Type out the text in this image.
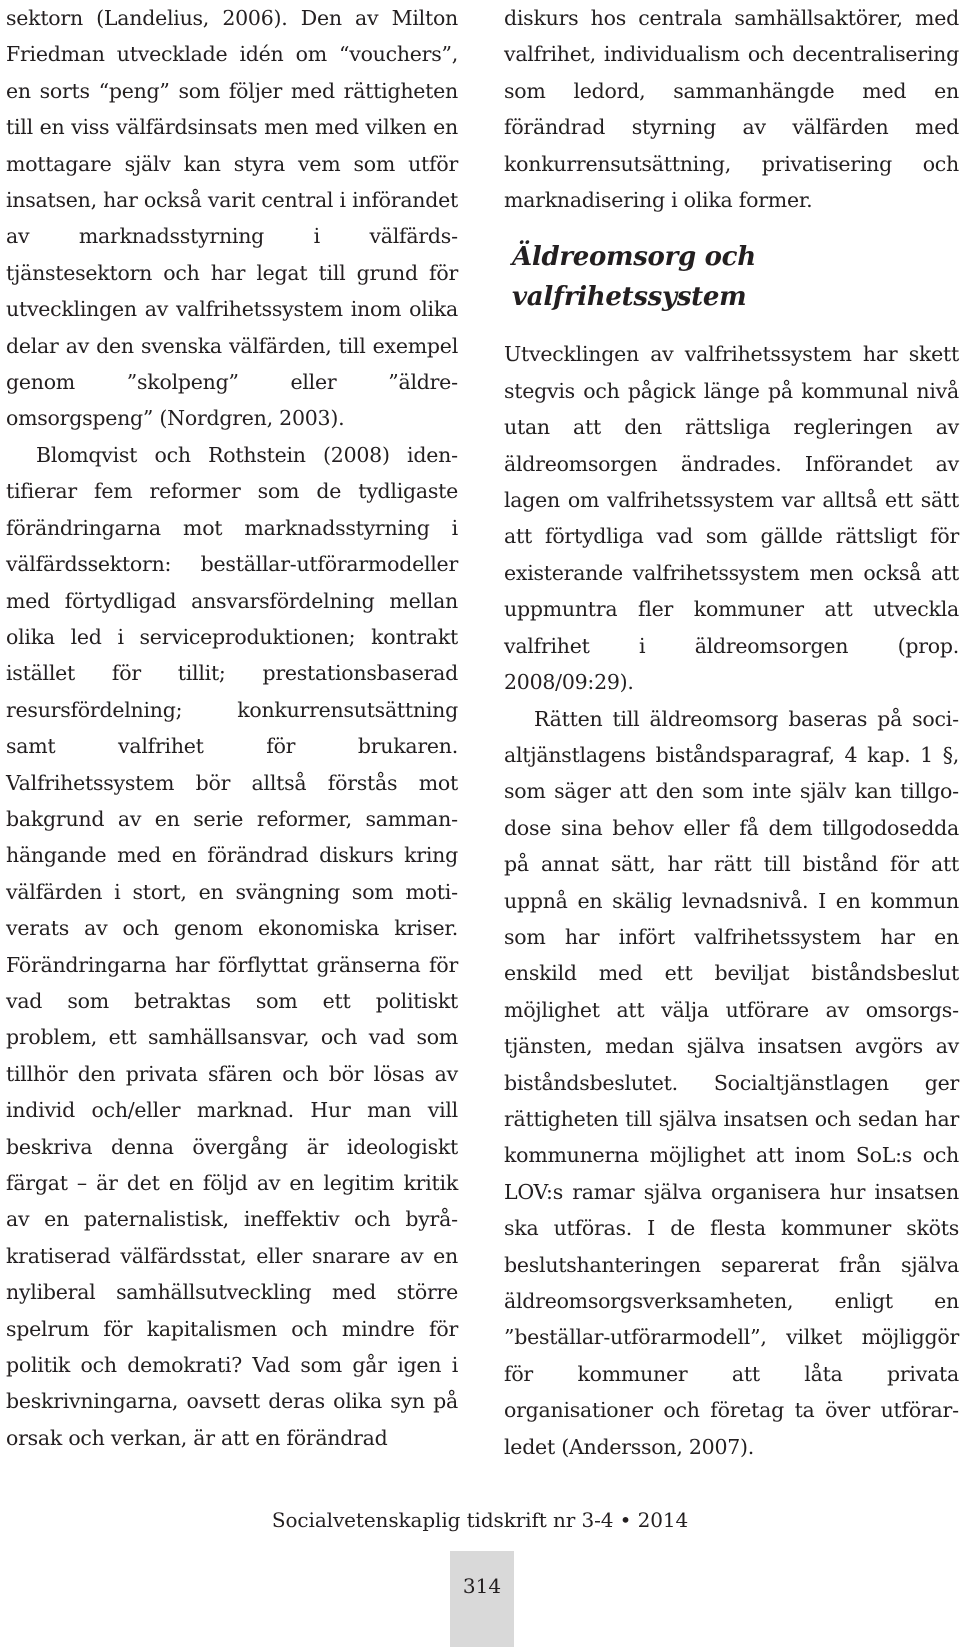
sektorn (Landelius, 2006). Den av Milton Friedman utvecklade idén om “vouchers”, en sorts “peng” som följer med rättigheten till en viss välfärdsinsats men med vilken en mottagare själv kan styra vem som utför insatsen, har också varit central i införandet av marknadsstyrning i välfärdstjänstesektorn och har legat till grund för utvecklingen av valfrihetssystem inom olika delar av den svenska välfärden, till exempel genom ”skolpeng” eller ”äldreomsorgspeng” (Nordgren, 2003).

Blomqvist och Rothstein (2008) identifierar fem reformer som de tydligaste förändringarna mot marknadsstyrning i välfärdssektorn: beställar-utförarmodeller med förtydligad ansvarsfördelning mellan olika led i serviceproduktionen; kontrakt istället för tillit; prestationsbaserad resursfördelning; konkurrensutsättning samt valfrihet för brukaren. Valfrihetssystem bör alltså förstås mot bakgrund av en serie reformer, sammanhängande med en förändrad diskurs kring välfärden i stort, en svängning som motiverats av och genom ekonomiska kriser. Förändringarna har förflyttat gränserna för vad som betraktas som ett politiskt problem, ett samhällsansvar, och vad som tillhör den privata sfären och bör lösas av individ och/eller marknad. Hur man vill beskriva denna övergång är ideologiskt färgat – är det en följd av en legitim kritik av en paternalistisk, ineffektiv och byråkratiserad välfärdsstat, eller snarare av en nyliberal samhällsutveckling med större spelrum för kapitalismen och mindre för politik och demokrati? Vad som går igen i beskrivningarna, oavsett deras olika syn på orsak och verkan, är att en förändrad

diskurs hos centrala samhällsaktörer, med valfrihet, individualism och decentralisering som ledord, sammanhängde med en förändrad styrning av välfärden med konkurrensutsättning, privatisering och marknadisering i olika former.

Äldreomsorg och valfrihetssystem

Utvecklingen av valfrihetssystem har skett stegvis och pågick länge på kommunal nivå utan att den rättsliga regleringen av äldreomsorgen ändrades. Införandet av lagen om valfrihetssystem var alltså ett sätt att förtydliga vad som gällde rättsligt för existerande valfrihetssystem men också att uppmuntra fler kommuner att utveckla valfrihet i äldreomsorgen (prop. 2008/09:29).

Rätten till äldreomsorg baseras på socialtjänstlagens biståndsparagraf, 4 kap. 1 §, som säger att den som inte själv kan tillgodose sina behov eller få dem tillgodosedda på annat sätt, har rätt till bistånd för att uppnå en skälig levnadsnivå. I en kommun som har infört valfrihetssystem har en enskild med ett beviljat biståndsbeslut möjlighet att välja utförare av omsorgstjänsten, medan själva insatsen avgörs av biståndsbeslutet. Socialtjänstlagen ger rättigheten till själva insatsen och sedan har kommunerna möjlighet att inom SoL:s och LOV:s ramar själva organisera hur insatsen ska utföras. I de flesta kommuner sköts beslutshanteringen separerat från själva äldreomsorgsverksamheten, enligt en ”beställar-utförarmodell”, vilket möjliggör för kommuner att låta privata organisationer och företag ta över utförarledet (Andersson, 2007).

Socialvetenskaplig tidskrift nr 3-4 • 2014
314
